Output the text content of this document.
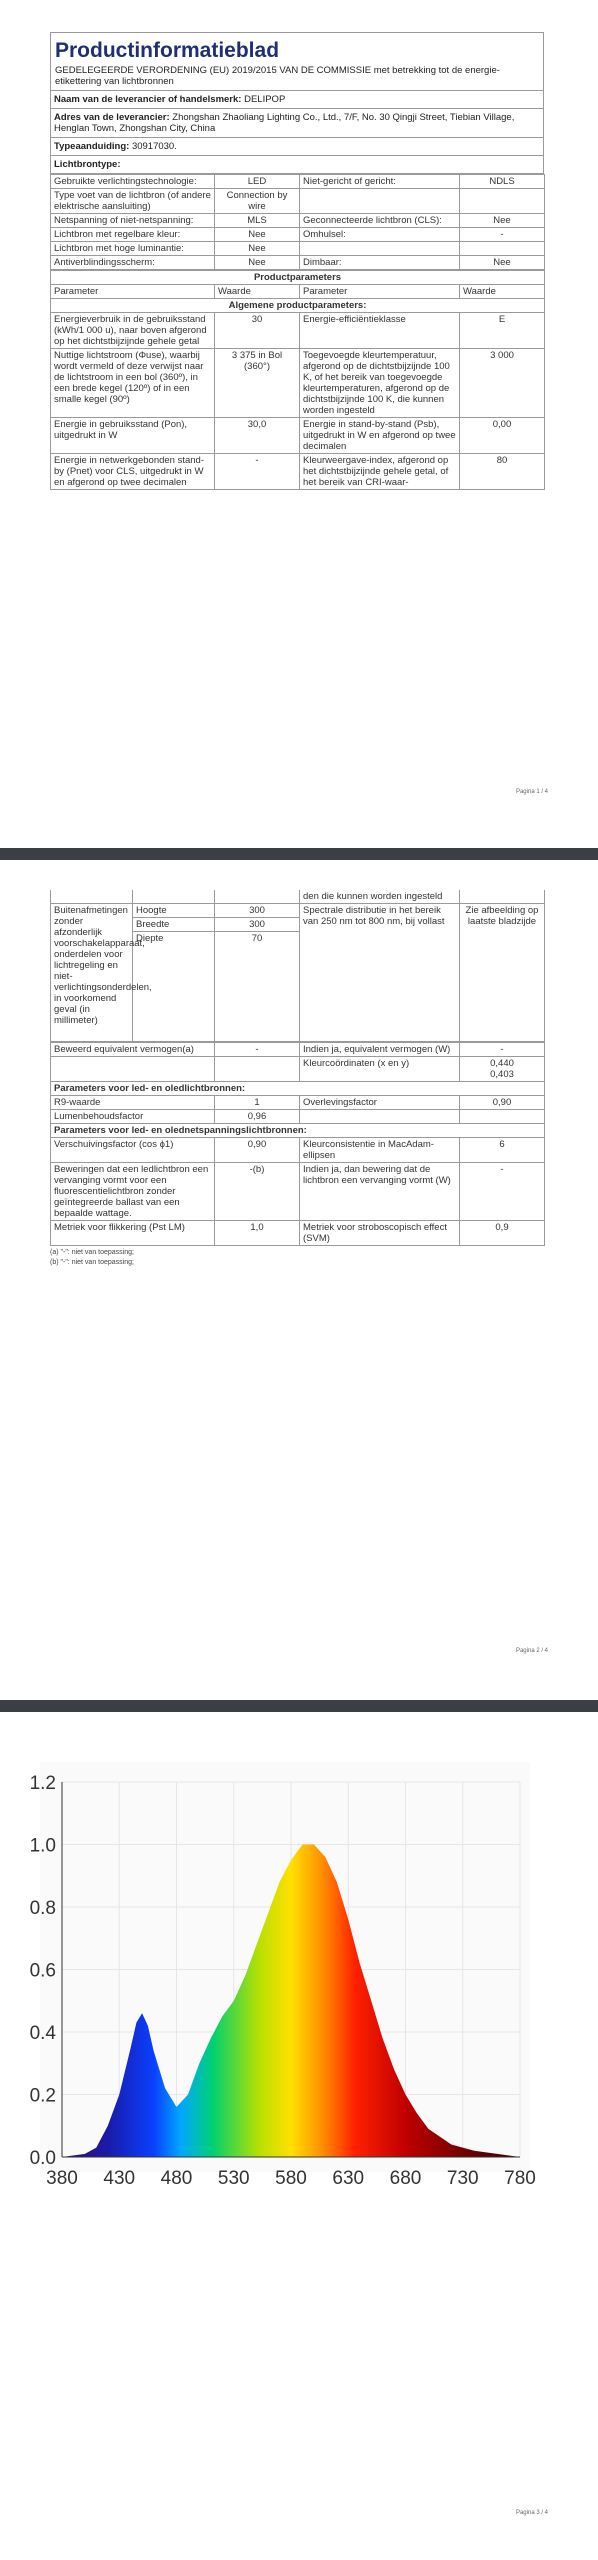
Productinformatieblad
GEDELEGEERDE VERORDENING (EU) 2019/2015 VAN DE COMMISSIE met betrekking tot de energie-etikettering van lichtbronnen
Naam van de leverancier of handelsmerk: DELIPOP
Adres van de leverancier: Zhongshan Zhaoliang Lighting Co., Ltd., 7/F, No. 30 Qingji Street, Tiebian Village, Henglan Town, Zhongshan City, China
Typeaanduiding: 30917030.
Lichtbrontype:
Gebruikte verlichtingstechnologie:	LED	Niet-gericht of gericht:	NDLS
Type voet van de lichtbron (of andere elektrische aansluiting)	Connection by wire		
Netspanning of niet-netspanning:	MLS	Geconnecteerde lichtbron (CLS):	Nee
Lichtbron met regelbare kleur:	Nee	Omhulsel:	-
Lichtbron met hoge luminantie:	Nee		
Antiverblindingsscherm:	Nee	Dimbaar:	Nee
Productparameters			
Parameter	Waarde	Parameter	Waarde
Algemene productparameters:			
Energieverbruik in de gebruiksstand (kWh/1 000 u), naar boven afgerond op het dichtstbijzijnde gehele getal	30	Energie-efficiëntieklasse	E
Nuttige lichtstroom (Φuse), waarbij wordt vermeld of deze verwijst naar de lichtstroom in een bol (360º), in een brede kegel (120º) of in een smalle kegel (90º)	3 375 in Bol (360°)	Toegevoegde kleurtemperatuur, afgerond op de dichtstbijzijnde 100 K, of het bereik van toegevoegde kleurtemperaturen, afgerond op de dichtstbijzijnde 100 K, die kunnen worden ingesteld	3 000
Energie in gebruiksstand (Pon), uitgedrukt in W	30,0	Energie in stand-by-stand (Psb), uitgedrukt in W en afgerond op twee decimalen	0,00
Energie in netwerkgebonden stand-by (Pnet) voor CLS, uitgedrukt in W en afgerond op twee decimalen	-	Kleurweergave-index, afgerond op het dichtstbijzijnde gehele getal, of het bereik van CRI-waar-	80
Pagina 1 / 4
			den die kunnen worden ingesteld	
Buitenafmetingen zonder afzonderlijk voorschakelapparaat, onderdelen voor lichtregeling en niet-verlichtingsonderdelen, in voorkomend geval (in millimeter)	Hoogte	300	Spectrale distributie in het bereik van 250 nm tot 800 nm, bij vollast	Zie afbeelding op laatste bladzijde
	Breedte	300		
	Diepte	70		
Beweerd equivalent vermogen(a)	-	Indien ja, equivalent vermogen (W)	-
		Kleurcoördinaten (x en y)	0,440
0,403
Parameters voor led- en oledlichtbronnen:			
R9-waarde	1	Overlevingsfactor	0,90
Lumenbehoudsfactor	0,96		
Parameters voor led- en olednetspanningslichtbronnen:			
Verschuivingsfactor (cos ϕ1)	0,90	Kleurconsistentie in MacAdam-ellipsen	6
Beweringen dat een ledlichtbron een vervanging vormt voor een fluorescentielichtbron zonder geïntegreerde ballast van een bepaalde wattage.	-(b)	Indien ja, dan bewering dat de lichtbron een vervanging vormt (W)	-
Metriek voor flikkering (Pst LM)	1,0	Metriek voor stroboscopisch effect (SVM)	0,9
(a) "-": niet van toepassing;
(b) "-": niet van toepassing;
Pagina 2 / 4
0.0
0.2
0.4
0.6
0.8
1.0
1.2
380 430 480 530 580 630 680 730 780
Pagina 3 / 4
